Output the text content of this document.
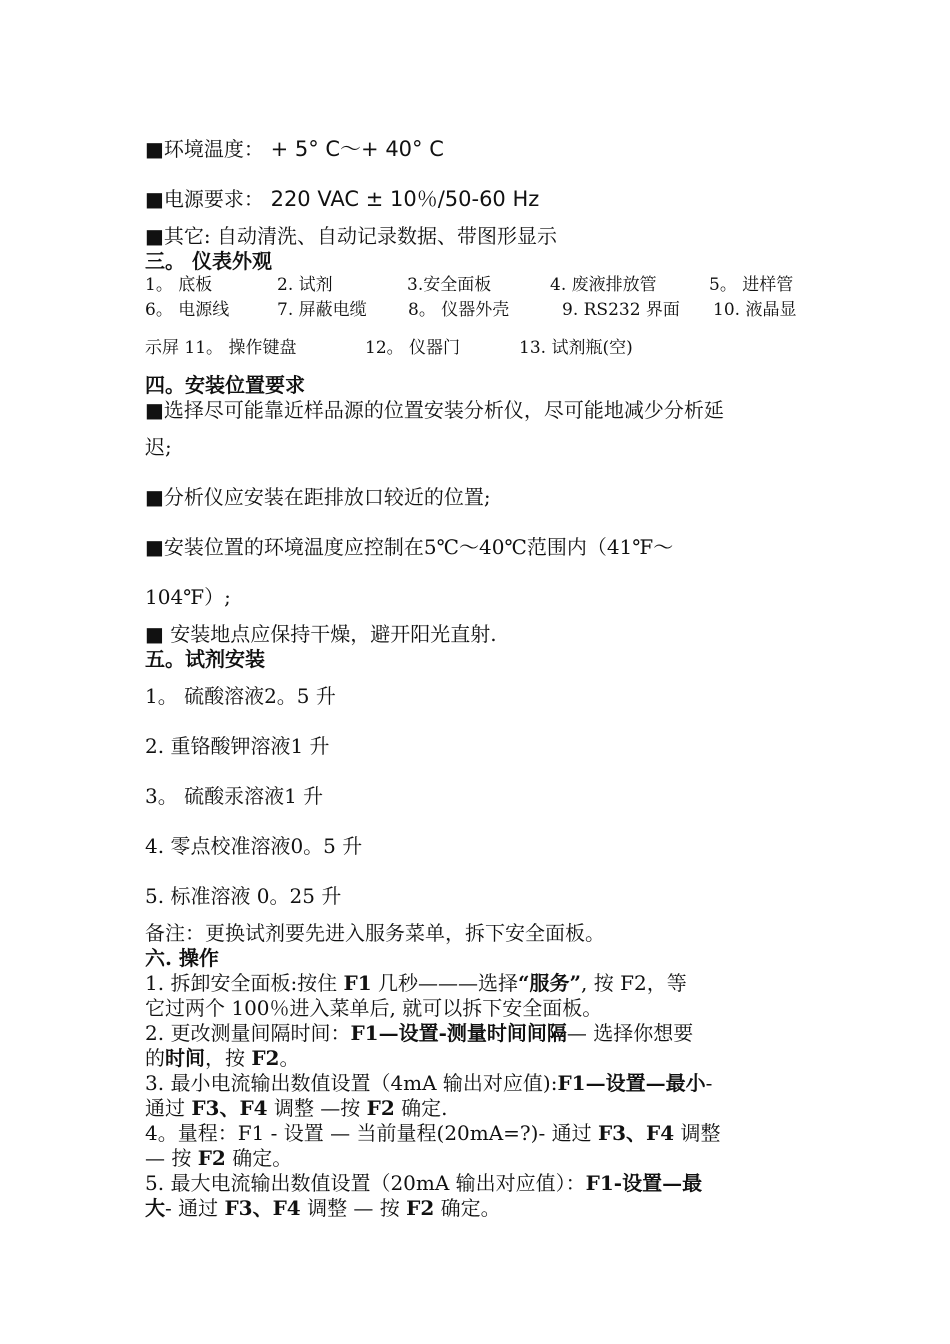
■环境温度： + 5° C～+ 40° C
■电源要求： 220 VAC ± 10％/50-60 Hz
■其它: 自动清洗、自动记录数据、带图形显示
三。 仪表外观
1。 底板	2. 试剂	3.安全面板	4. 废液排放管	5。 进样管
6。 电源线	7. 屏蔽电缆 8。 仪器外壳	9. RS232 界面 10. 液晶显
示屏 11。 操作键盘	12。 仪器门	13. 试剂瓶(空)
四。安装位置要求
■选择尽可能靠近样品源的位置安装分析仪，尽可能地减少分析延
迟;
■分析仪应安装在距排放口较近的位置;
■安装位置的环境温度应控制在5℃～40℃范围内（41℉～
104℉）;
■ 安装地点应保持干燥，避开阳光直射.
五。试剂安装
1。 硫酸溶液2。5 升
2. 重铬酸钾溶液1 升
3。 硫酸汞溶液1 升
4. 零点校准溶液0。5 升
5. 标准溶液 0。25 升
备注：更换试剂要先进入服务菜单，拆下安全面板。
六. 操作
1. 拆卸安全面板:按住 F1 几秒———选择“服务”, 按 F2，等
它过两个 100％进入菜单后, 就可以拆下安全面板。
2. 更改测量间隔时间：F1—设置-测量时间间隔— 选择你想要
的时间，按 F2。
3. 最小电流输出数值设置（4mA 输出对应值):F1—设置—最小-
通过 F3、F4 调整 —按 F2 确定.
4。量程：F1 - 设置 — 当前量程(20mA=?)- 通过 F3、F4 调整
— 按 F2 确定。
5. 最大电流输出数值设置（20mA 输出对应值）：F1-设置—最
大- 通过 F3、F4 调整 — 按 F2 确定。
